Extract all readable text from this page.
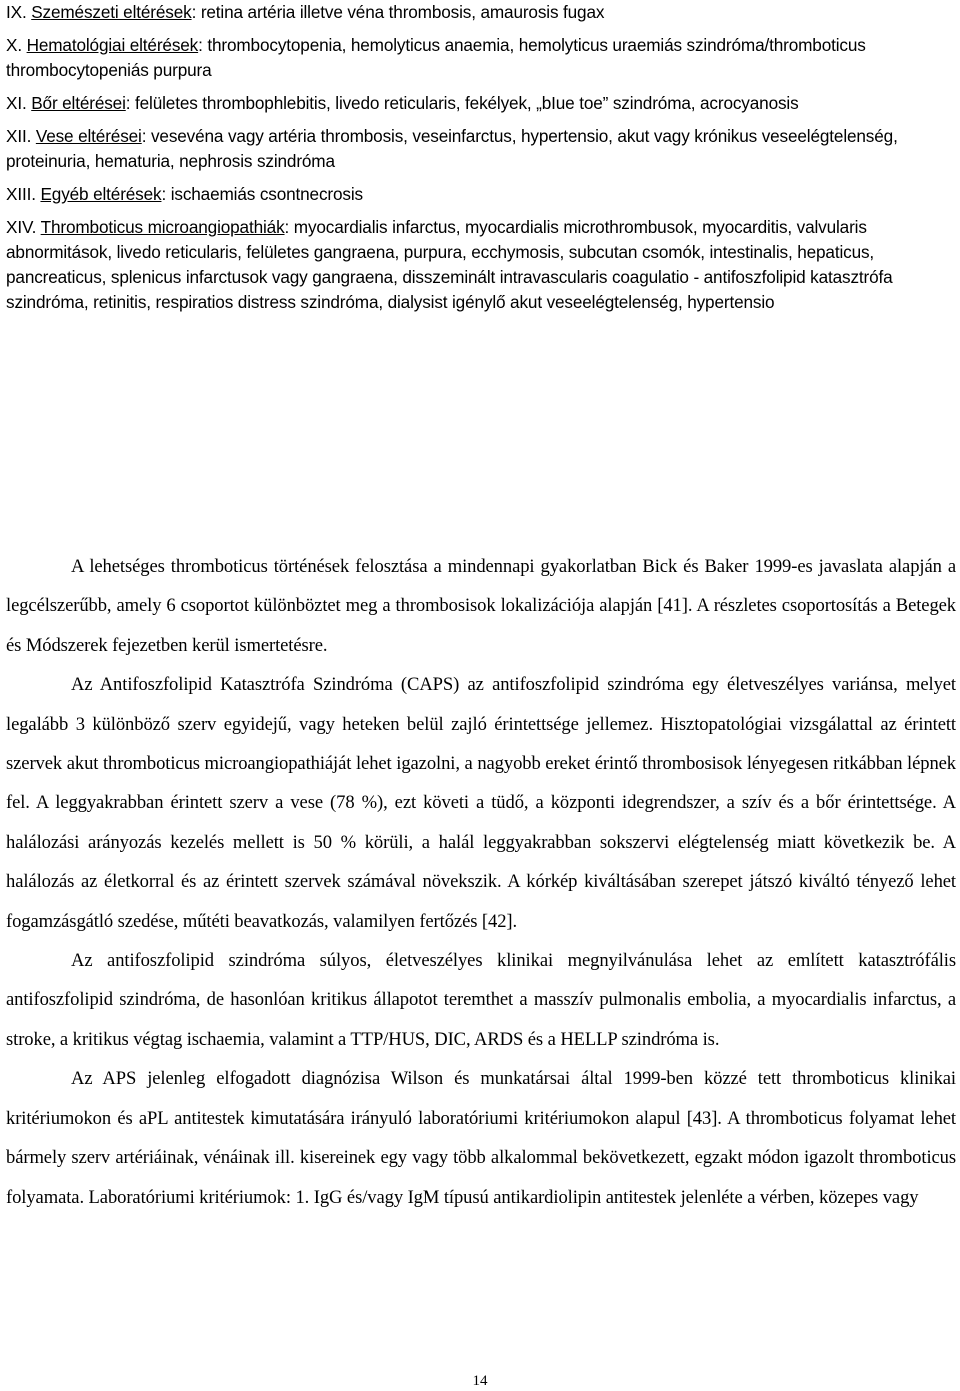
IX. Szemészeti eltérések: retina artéria illetve véna thrombosis, amaurosis fugax
X. Hematológiai eltérések: thrombocytopenia, hemolyticus anaemia, hemolyticus uraemiás szindróma/thromboticus thrombocytopeniás purpura
XI. Bőr eltérései: felületes thrombophlebitis, livedo reticularis, fekélyek, „bIue toe” szindróma, acrocyanosis
XII. Vese eltérései: vesevéna vagy artéria thrombosis, veseinfarctus, hypertensio, akut vagy krónikus veseelégtelenség, proteinuria, hematuria, nephrosis szindróma
XIII. Egyéb eltérések: ischaemiás csontnecrosis
XIV. Thromboticus microangiopathiák: myocardialis infarctus, myocardialis microthrombusok, myocarditis, valvularis abnormitások, livedo reticularis, felületes gangraena, purpura, ecchymosis, subcutan csomók, intestinalis, hepaticus, pancreaticus, splenicus infarctusok vagy gangraena, disszeminált intravascularis coagulatio - antifoszfolipid katasztrófa szindróma, retinitis, respiratios distress szindróma, dialysist igénylő akut veseelégtelenség, hypertensio

A lehetséges thromboticus történések felosztása a mindennapi gyakorlatban Bick és Baker 1999-es javaslata alapján a legcélszerűbb, amely 6 csoportot különböztet meg a thrombosisok lokalizációja alapján [41]. A részletes csoportosítás a Betegek és Módszerek fejezetben kerül ismertetésre.

Az Antifoszfolipid Katasztrófa Szindróma (CAPS) az antifoszfolipid szindróma egy életveszélyes variánsa, melyet legalább 3 különböző szerv egyidejű, vagy heteken belül zajló érintettsége jellemez. Hisztopatológiai vizsgálattal az érintett szervek akut thromboticus microangiopathiáját lehet igazolni, a nagyobb ereket érintő thrombosisok lényegesen ritkábban lépnek fel. A leggyakrabban érintett szerv a vese (78 %), ezt követi a tüdő, a központi idegrendszer, a szív és a bőr érintettsége. A halálozási arányozás kezelés mellett is 50 % körüli, a halál leggyakrabban sokszervi elégtelenség miatt következik be. A halálozás az életkorral és az érintett szervek számával növekszik. A kórkép kiváltásában szerepet játszó kiváltó tényező lehet fogamzásgátló szedése, műtéti beavatkozás, valamilyen fertőzés [42].

Az antifoszfolipid szindróma súlyos, életveszélyes klinikai megnyilvánulása lehet az említett katasztrófális antifoszfolipid szindróma, de hasonlóan kritikus állapotot teremthet a masszív pulmonalis embolia, a myocardialis infarctus, a stroke, a kritikus végtag ischaemia, valamint a TTP/HUS, DIC, ARDS és a HELLP szindróma is.

Az APS jelenleg elfogadott diagnózisa Wilson és munkatársai által 1999-ben közzé tett thromboticus klinikai kritériumokon és aPL antitestek kimutatására irányuló laboratóriumi kritériumokon alapul [43]. A thromboticus folyamat lehet bármely szerv artériáinak, vénáinak ill. kisereinek egy vagy több alkalommal bekövetkezett, egzakt módon igazolt thromboticus folyamata. Laboratóriumi kritériumok: 1. IgG és/vagy IgM típusú antikardiolipin antitestek jelenléte a vérben, közepes vagy

14
